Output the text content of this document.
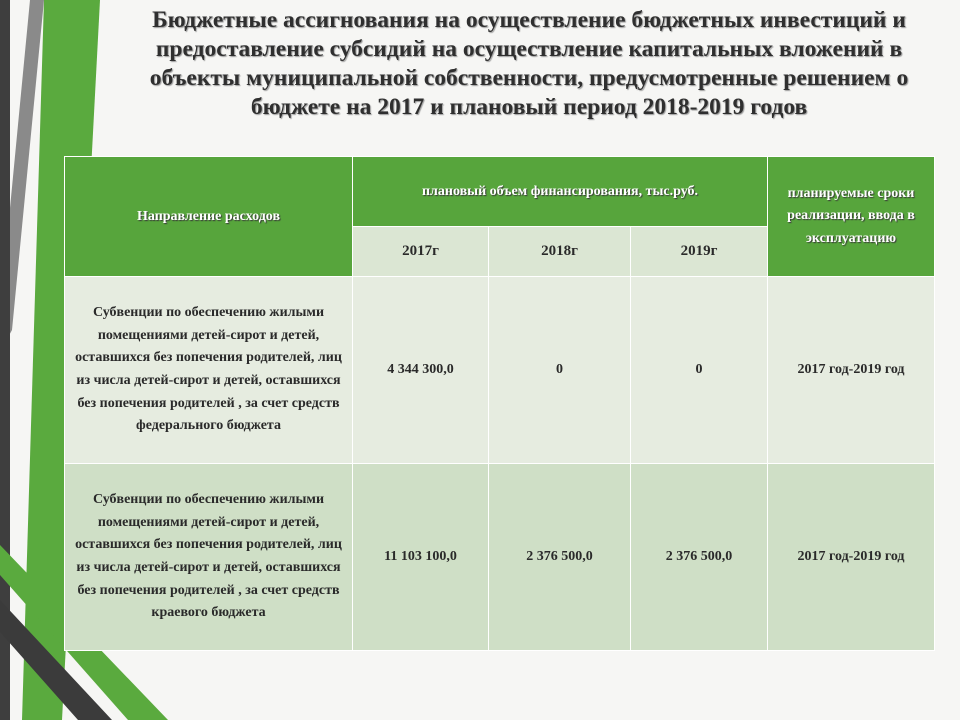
Бюджетные ассигнования на осуществление бюджетных инвестиций и предоставление субсидий на осуществление капитальных вложений в объекты муниципальной собственности, предусмотренные решением о бюджете на 2017 и плановый период 2018-2019 годов
Направление расходов	плановый объем финансирования, тыс.руб.			планируемые сроки реализации, ввода в эксплуатацию
	2017г	2018г	2019г	
Субвенции по обеспечению жилыми помещениями детей-сирот и детей, оставшихся без попечения родителей, лиц из числа детей-сирот и детей, оставшихся без попечения родителей , за счет средств федерального бюджета	4 344 300,0	0	0	2017 год-2019 год
Субвенции по обеспечению жилыми помещениями детей-сирот и детей, оставшихся без попечения родителей, лиц из числа детей-сирот и детей, оставшихся без попечения родителей , за счет средств краевого бюджета	11 103 100,0	2 376 500,0	2 376 500,0	2017 год-2019 год
